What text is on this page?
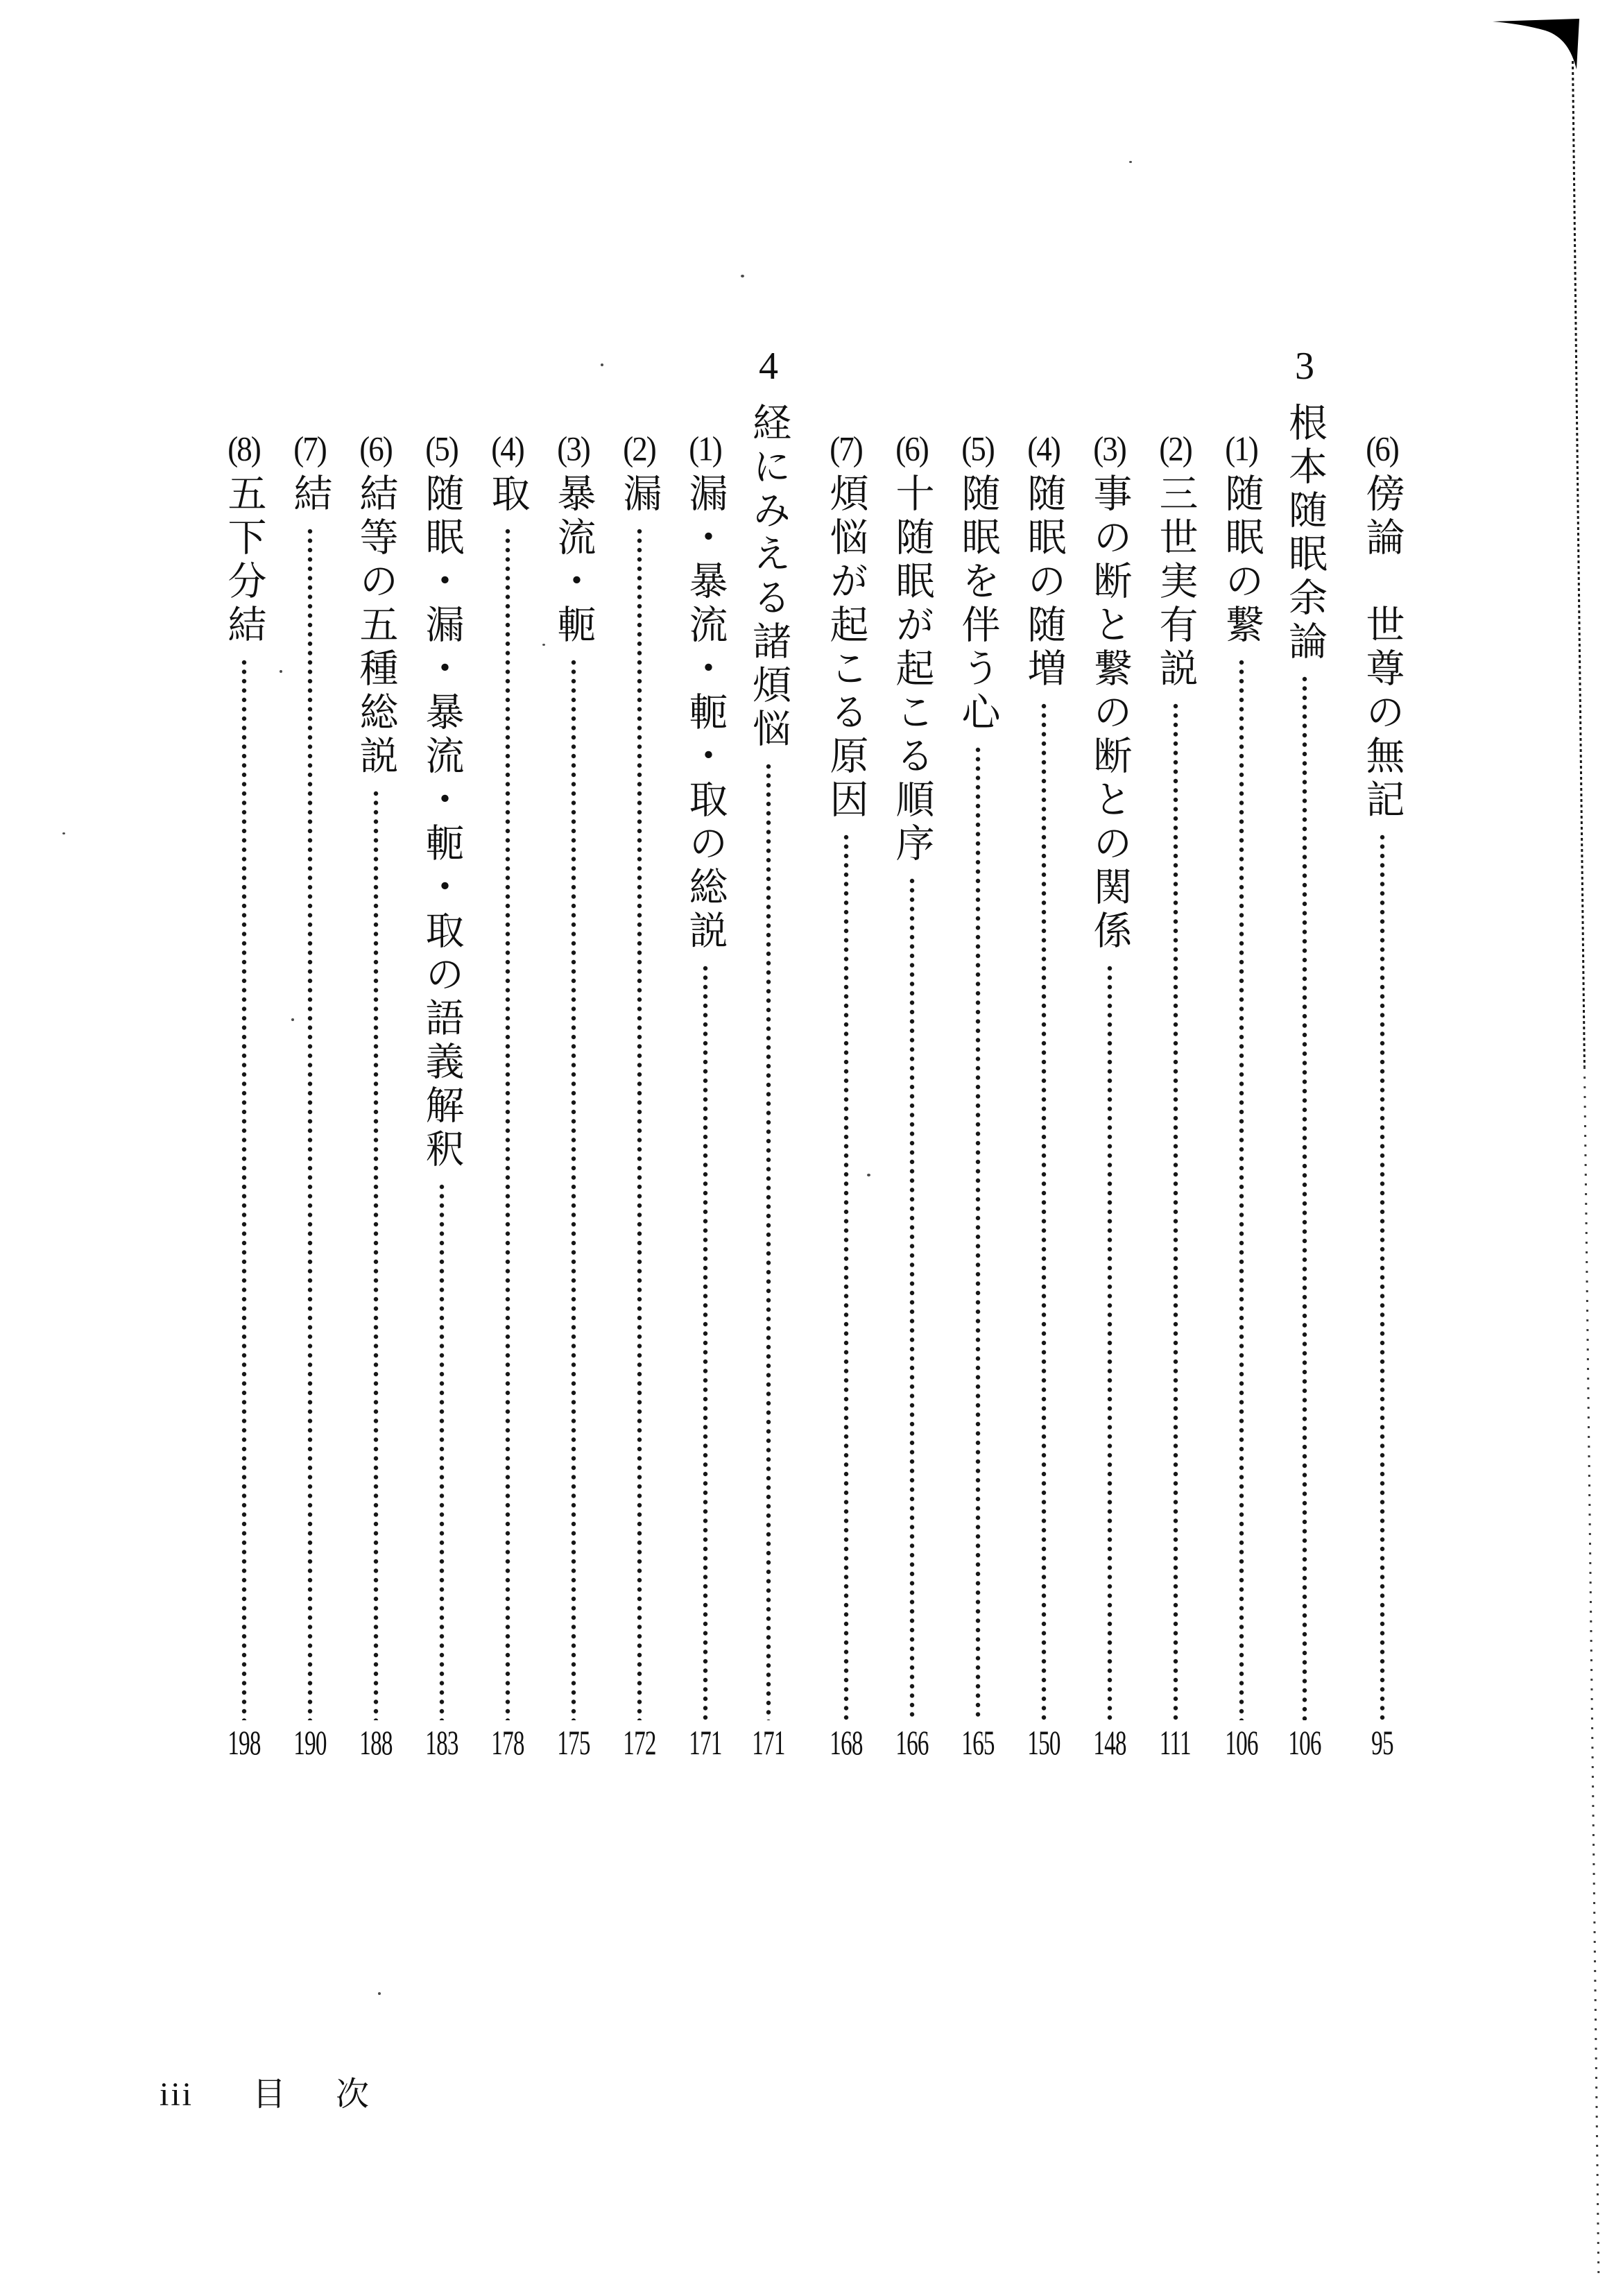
(6)
傍論　世尊の無記
95
3
根本随眠余論
106
(1)
随眠の繋
106
(2)
三世実有説
111
(3)
事の断と繋の断との関係
148
(4)
随眠の随増
150
(5)
随眠を伴う心
165
(6)
十随眠が起こる順序
166
(7)
煩悩が起こる原因
168
4
経にみえる諸煩悩
171
(1)
漏・暴流・軛・取の総説
171
(2)
漏
172
(3)
暴流・軛
175
(4)
取
178
(5)
随眠・漏・暴流・軛・取の語義解釈
183
(6)
結等の五種総説
188
(7)
結
190
(8)
五下分結
198
iii 目　次
